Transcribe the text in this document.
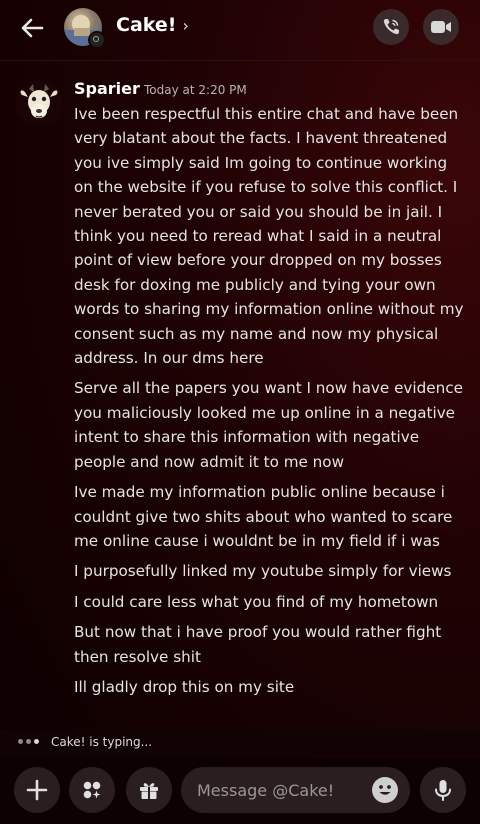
Cake! ›
Sparier Today at 2:20 PM

Ive been respectful this entire chat and have been very blatant about the facts. I havent threatened you ive simply said Im going to continue working on the website if you refuse to solve this conflict. I never berated you or said you should be in jail. I think you need to reread what I said in a neutral point of view before your dropped on my bosses desk for doxing me publicly and tying your own words to sharing my information online without my consent such as my name and now my physical address. In our dms here

Serve all the papers you want I now have evidence you maliciously looked me up online in a negative intent to share this information with negative people and now admit it to me now

Ive made my information public online because i couldnt give two shits about who wanted to scare me online cause i wouldnt be in my field if i was

I purposefully linked my youtube simply for views

I could care less what you find of my hometown

But now that i have proof you would rather fight then resolve shit

Ill gladly drop this on my site

Cake! is typing...
Message @Cake!
